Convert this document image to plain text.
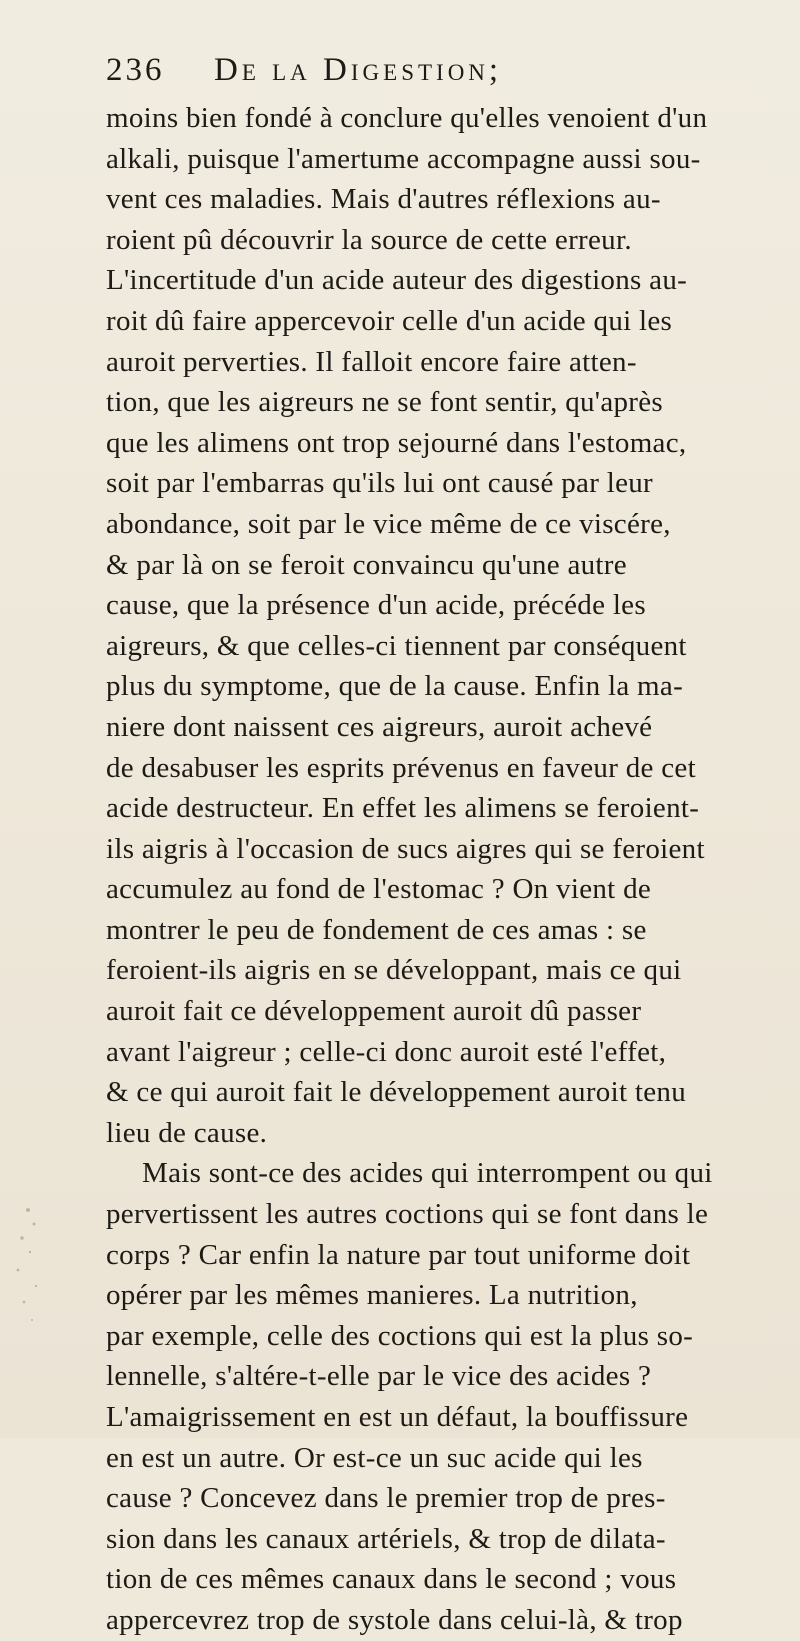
236 De la Digestion;
moins bien fondé à conclure qu'elles venoient d'un
alkali, puisque l'amertume accompagne aussi sou-
vent ces maladies. Mais d'autres réflexions au-
roient pû découvrir la source de cette erreur.
L'incertitude d'un acide auteur des digestions au-
roit dû faire appercevoir celle d'un acide qui les
auroit perverties. Il falloit encore faire atten-
tion, que les aigreurs ne se font sentir, qu'après
que les alimens ont trop sejourné dans l'estomac,
soit par l'embarras qu'ils lui ont causé par leur
abondance, soit par le vice même de ce viscére,
& par là on se feroit convaincu qu'une autre
cause, que la présence d'un acide, précéde les
aigreurs, & que celles-ci tiennent par conséquent
plus du symptome, que de la cause. Enfin la ma-
niere dont naissent ces aigreurs, auroit achevé
de desabuser les esprits prévenus en faveur de cet
acide destructeur. En effet les alimens se feroient-
ils aigris à l'occasion de sucs aigres qui se feroient
accumulez au fond de l'estomac ? On vient de
montrer le peu de fondement de ces amas : se
feroient-ils aigris en se développant, mais ce qui
auroit fait ce développement auroit dû passer
avant l'aigreur ; celle-ci donc auroit esté l'effet,
& ce qui auroit fait le développement auroit tenu
lieu de cause.
Mais sont-ce des acides qui interrompent ou qui
pervertissent les autres coctions qui se font dans le
corps ? Car enfin la nature par tout uniforme doit
opérer par les mêmes manieres. La nutrition,
par exemple, celle des coctions qui est la plus so-
lennelle, s'altére-t-elle par le vice des acides ?
L'amaigrissement en est un défaut, la bouffissure
en est un autre. Or est-ce un suc acide qui les
cause ? Concevez dans le premier trop de pres-
sion dans les canaux artériels, & trop de dilata-
tion de ces mêmes canaux dans le second ; vous
appercevrez trop de systole dans celui-là, & trop
